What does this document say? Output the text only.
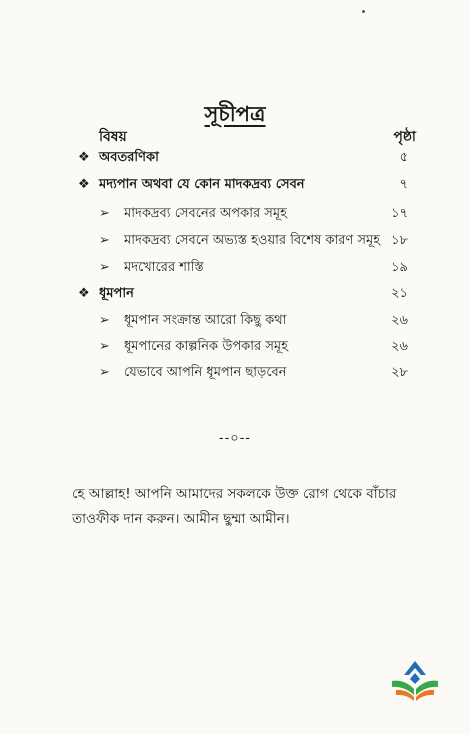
সূচীপত্র
বিষয়	পৃষ্ঠা
❖ অবতরণিকা	৫
❖ মদ্যপান অথবা যে কোন মাদকদ্রব্য সেবন	৭
➢ মাদকদ্রব্য সেবনের অপকার সমূহ	১৭
➢ মাদকদ্রব্য সেবনে অভ্যস্ত হওয়ার বিশেষ কারণ সমূহ ১৮
➢ মদখোরের শাস্তি	১৯
❖ ধূমপান	২১
➢ ধূমপান সংক্রান্ত আরো কিছু কথা	২৬
➢ ধূমপানের কাল্পনিক উপকার সমূহ	২৬
➢ যেভাবে আপনি ধূমপান ছাড়বেন	২৮
--০--
হে আল্লাহ! আপনি আমাদের সকলকে উক্ত রোগ থেকে বাঁচার
তাওফীক দান করুন। আমীন ছুম্মা আমীন।
